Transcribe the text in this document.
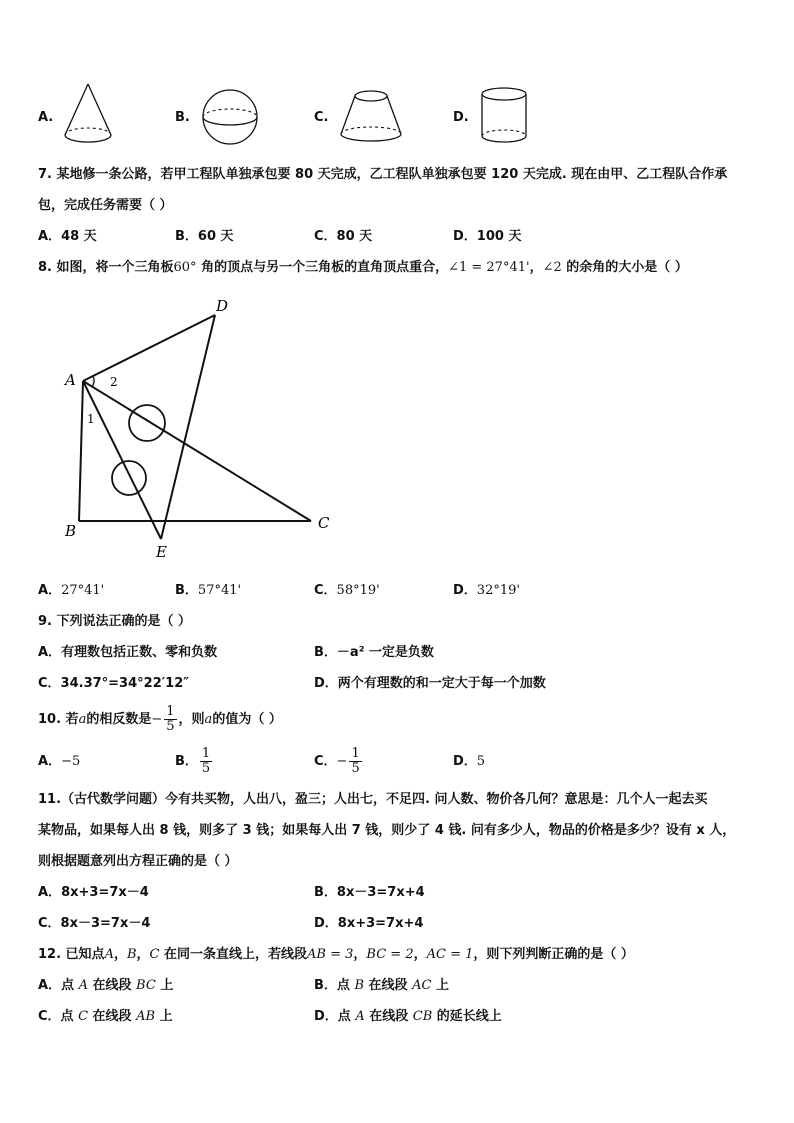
A.	B.	C.	D.
7. 某地修一条公路，若甲工程队单独承包要 80 天完成，乙工程队单独承包要 120 天完成. 现在由甲、乙工程队合作承
包，完成任务需要（ ）
A．48 天	B．60 天	C．80 天	D．100 天
8. 如图，将一个三角板60° 角的顶点与另一个三角板的直角顶点重合，∠1 = 27°41'，∠2 的余角的大小是（ ）
A
B	C
D
E
1
2
A．27°41'	B．57°41'	C．58°19'	D．32°19'
9. 下列说法正确的是（ ）
A．有理数包括正数、零和负数	B．－a² 一定是负数
C．34.37°=34°22′12″	D．两个有理数的和一定大于每一个加数
10. 若a的相反数是− $\frac{1}{5}$ ，则a的值为（ ）
A．−5	B． $\frac{1}{5}$	C．− $\frac{1}{5}$	D．5
11.（古代数学问题）今有共买物，人出八，盈三；人出七，不足四. 问人数、物价各几何？意思是：几个人一起去买
某物品，如果每人出 8 钱，则多了 3 钱；如果每人出 7 钱，则少了 4 钱. 问有多少人，物品的价格是多少？设有 x 人，
则根据题意列出方程正确的是（ ）
A．8x+3=7x－4	B．8x－3=7x+4
C．8x－3=7x－4	D．8x+3=7x+4
12. 已知点A，B，C 在同一条直线上，若线段AB = 3，BC = 2，AC = 1，则下列判断正确的是（ ）
A．点 A 在线段 BC 上	B．点 B 在线段 AC 上
C．点 C 在线段 AB 上	D．点 A 在线段 CB 的延长线上
